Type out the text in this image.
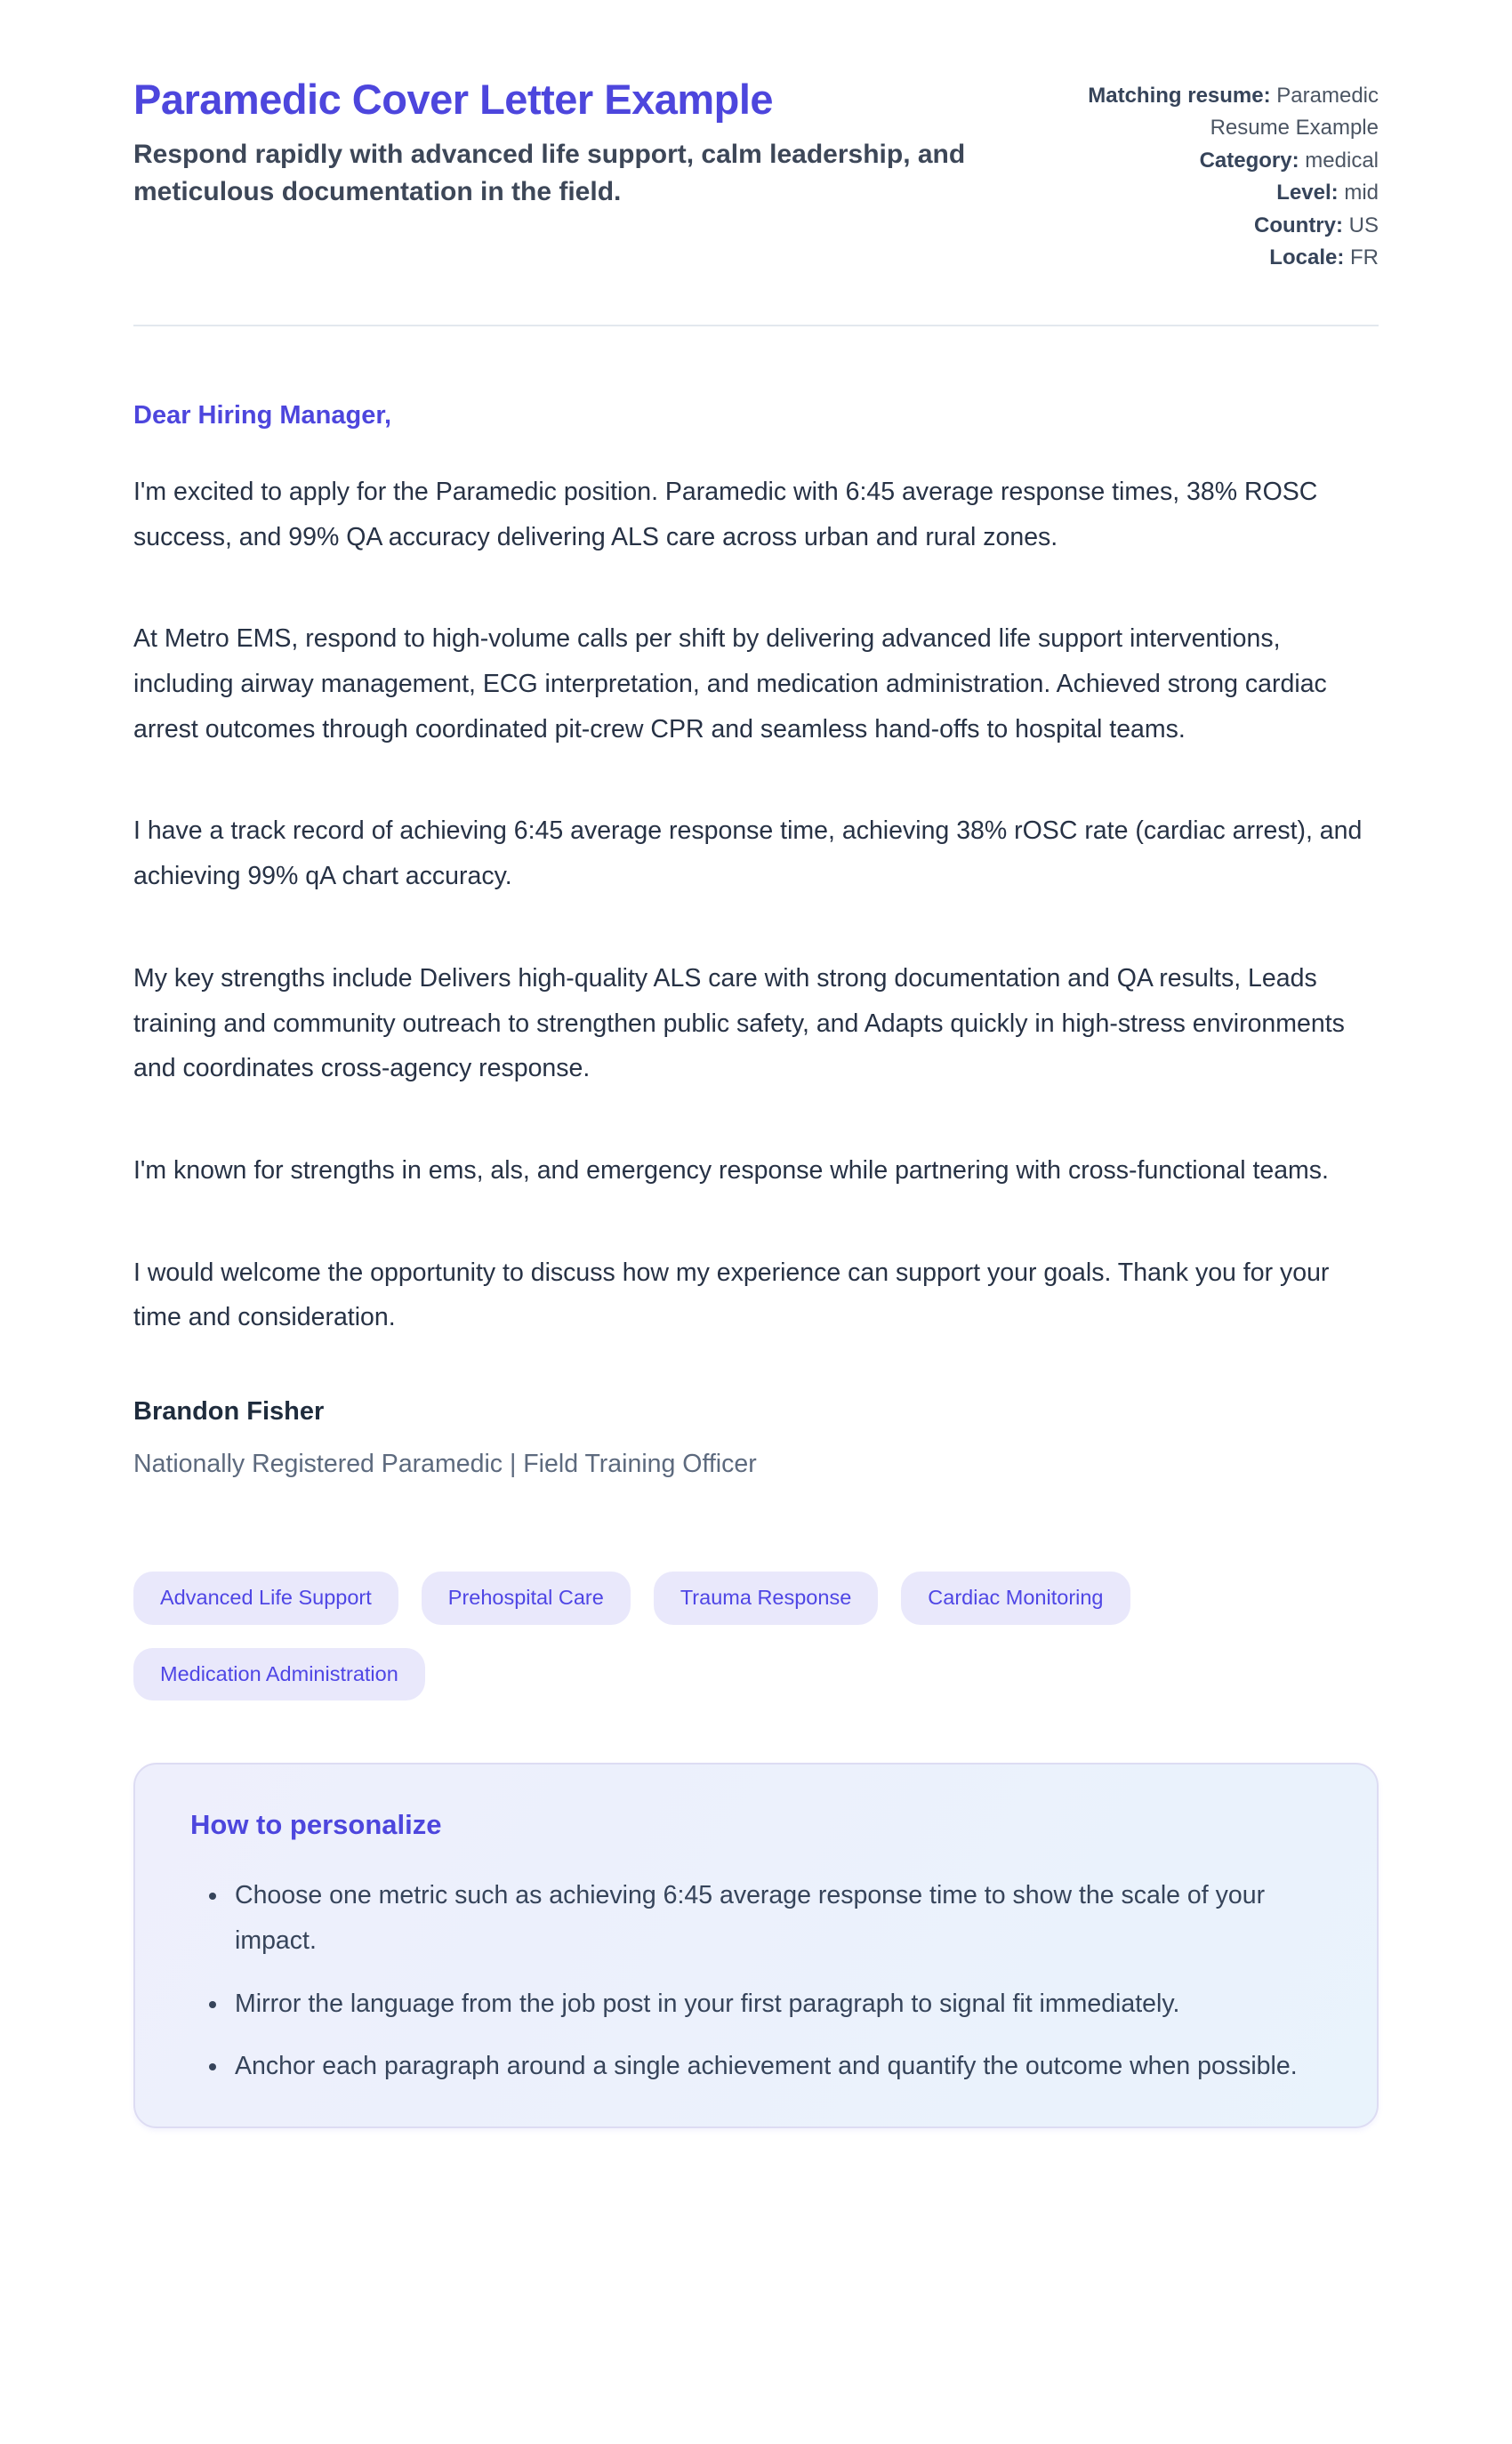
Paramedic Cover Letter Example

Respond rapidly with advanced life support, calm leadership, and meticulous documentation in the field.

Matching resume: Paramedic Resume Example
Category: medical
Level: mid
Country: US
Locale: FR

Dear Hiring Manager,

I'm excited to apply for the Paramedic position. Paramedic with 6:45 average response times, 38% ROSC success, and 99% QA accuracy delivering ALS care across urban and rural zones.

At Metro EMS, respond to high-volume calls per shift by delivering advanced life support interventions, including airway management, ECG interpretation, and medication administration. Achieved strong cardiac arrest outcomes through coordinated pit-crew CPR and seamless hand-offs to hospital teams.

I have a track record of achieving 6:45 average response time, achieving 38% rOSC rate (cardiac arrest), and achieving 99% qA chart accuracy.

My key strengths include Delivers high-quality ALS care with strong documentation and QA results, Leads training and community outreach to strengthen public safety, and Adapts quickly in high-stress environments and coordinates cross-agency response.

I'm known for strengths in ems, als, and emergency response while partnering with cross-functional teams.

I would welcome the opportunity to discuss how my experience can support your goals. Thank you for your time and consideration.

Brandon Fisher

Nationally Registered Paramedic | Field Training Officer

Advanced Life Support	Prehospital Care	Trauma Response	Cardiac Monitoring
Medication Administration
How to personalize
• Choose one metric such as achieving 6:45 average response time to show the scale of your impact.
• Mirror the language from the job post in your first paragraph to signal fit immediately.
• Anchor each paragraph around a single achievement and quantify the outcome when possible.
